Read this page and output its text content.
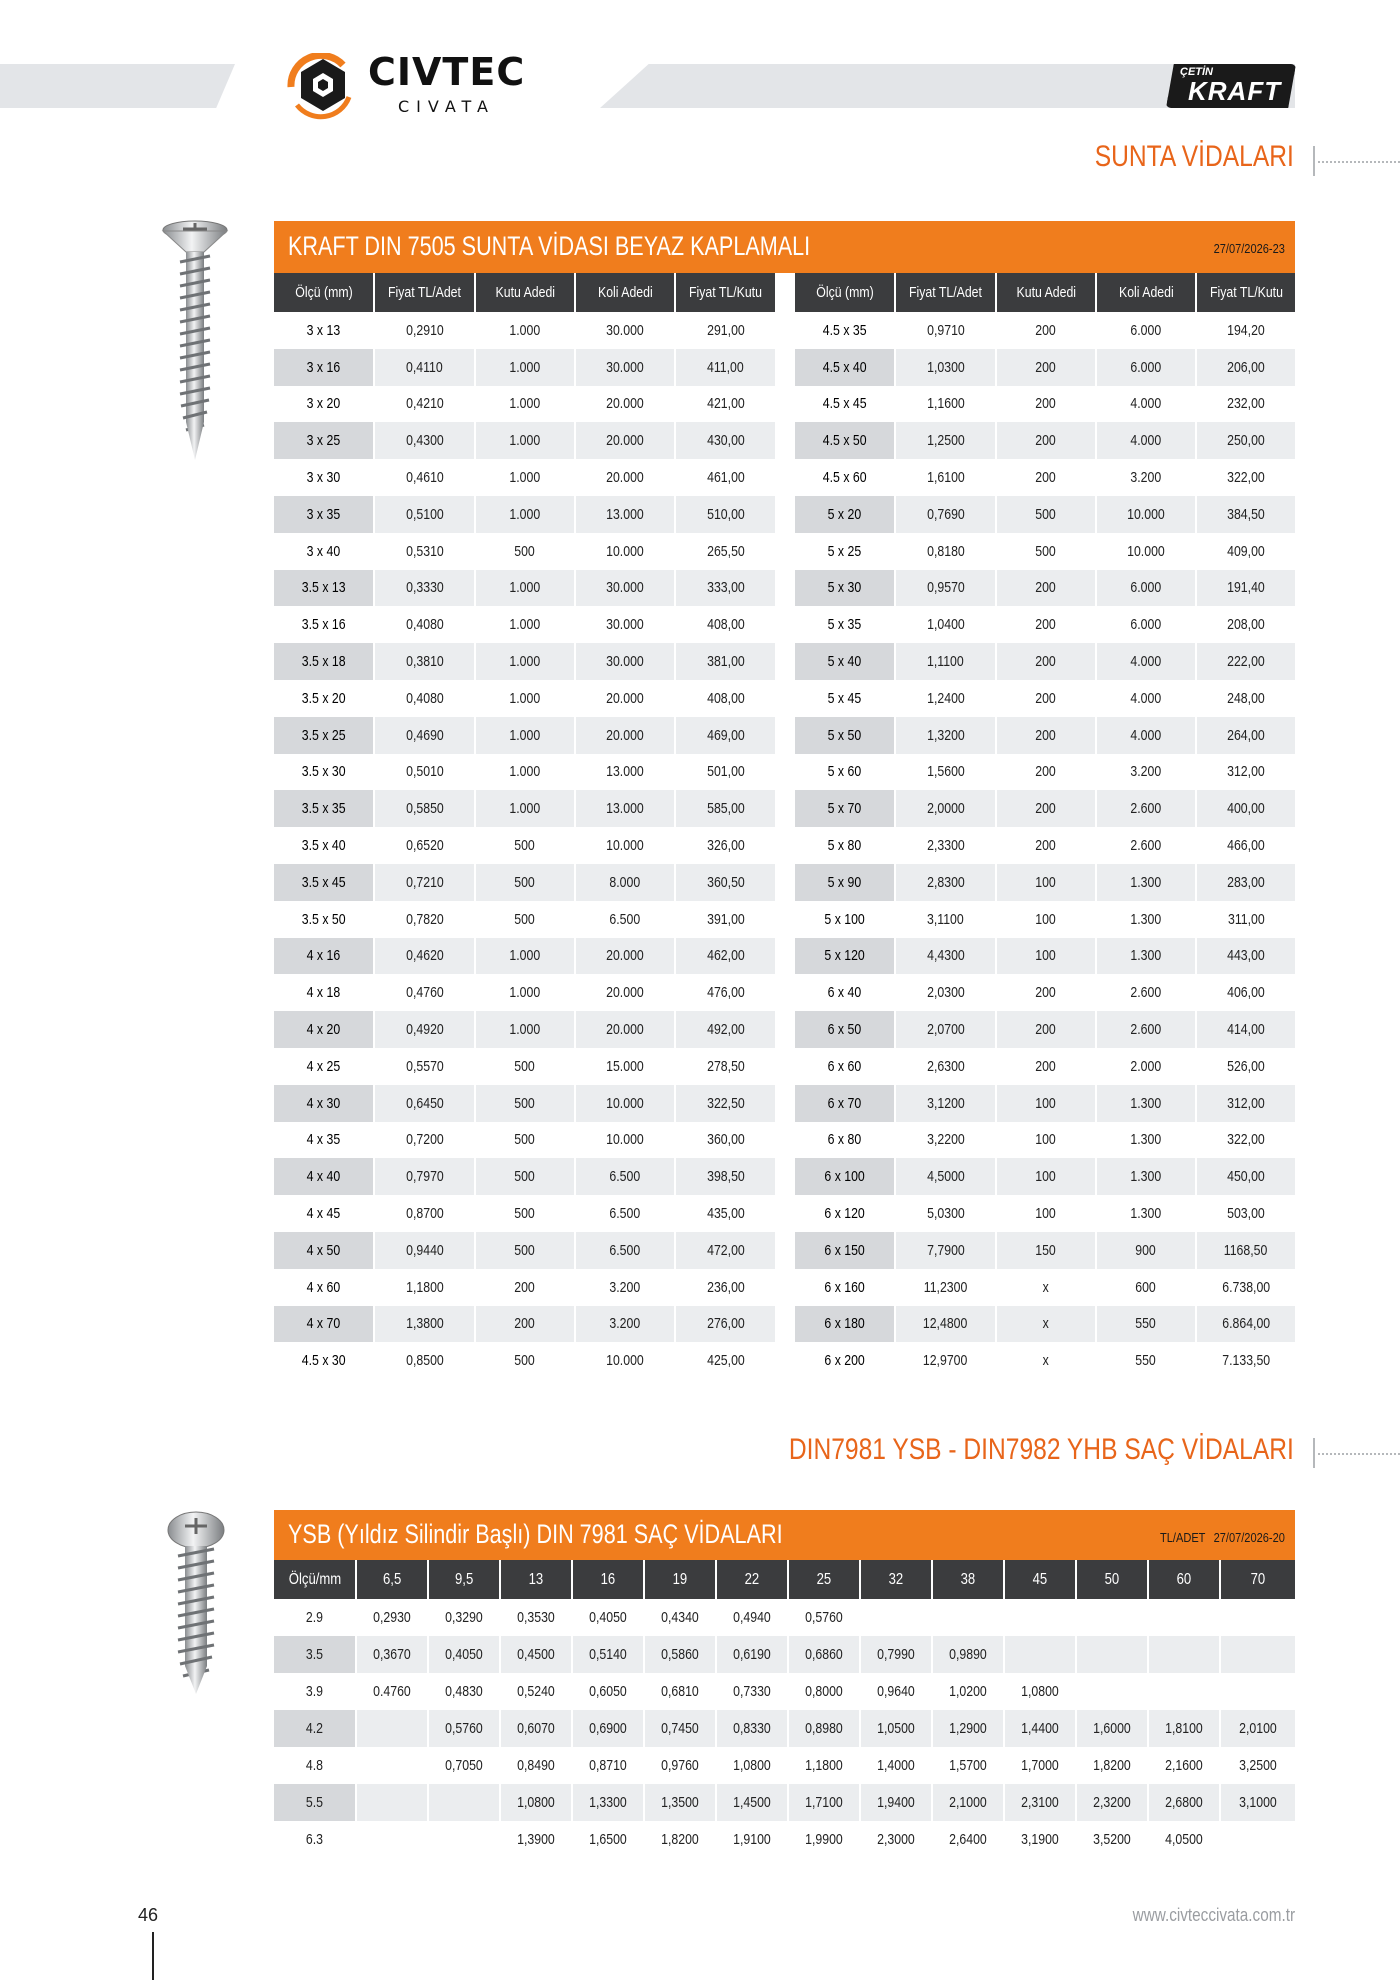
CIVTEC
CIVATA
ÇETİN
KRAFT
SUNTA VİDALARI
KRAFT DIN 7505 SUNTA VİDASI BEYAZ KAPLAMALI	27/07/2026-23
Ölçü (mm)	Fiyat TL/Adet	Kutu Adedi	Koli Adedi	Fiyat TL/Kutu
3 x 13	0,2910	1.000	30.000	291,00
3 x 16	0,4110	1.000	30.000	411,00
3 x 20	0,4210	1.000	20.000	421,00
3 x 25	0,4300	1.000	20.000	430,00
3 x 30	0,4610	1.000	20.000	461,00
3 x 35	0,5100	1.000	13.000	510,00
3 x 40	0,5310	500	10.000	265,50
3.5 x 13	0,3330	1.000	30.000	333,00
3.5 x 16	0,4080	1.000	30.000	408,00
3.5 x 18	0,3810	1.000	30.000	381,00
3.5 x 20	0,4080	1.000	20.000	408,00
3.5 x 25	0,4690	1.000	20.000	469,00
3.5 x 30	0,5010	1.000	13.000	501,00
3.5 x 35	0,5850	1.000	13.000	585,00
3.5 x 40	0,6520	500	10.000	326,00
3.5 x 45	0,7210	500	8.000	360,50
3.5 x 50	0,7820	500	6.500	391,00
4 x 16	0,4620	1.000	20.000	462,00
4 x 18	0,4760	1.000	20.000	476,00
4 x 20	0,4920	1.000	20.000	492,00
4 x 25	0,5570	500	15.000	278,50
4 x 30	0,6450	500	10.000	322,50
4 x 35	0,7200	500	10.000	360,00
4 x 40	0,7970	500	6.500	398,50
4 x 45	0,8700	500	6.500	435,00
4 x 50	0,9440	500	6.500	472,00
4 x 60	1,1800	200	3.200	236,00
4 x 70	1,3800	200	3.200	276,00
4.5 x 30	0,8500	500	10.000	425,00
Ölçü (mm)	Fiyat TL/Adet	Kutu Adedi	Koli Adedi	Fiyat TL/Kutu
4.5 x 35	0,9710	200	6.000	194,20
4.5 x 40	1,0300	200	6.000	206,00
4.5 x 45	1,1600	200	4.000	232,00
4.5 x 50	1,2500	200	4.000	250,00
4.5 x 60	1,6100	200	3.200	322,00
5 x 20	0,7690	500	10.000	384,50
5 x 25	0,8180	500	10.000	409,00
5 x 30	0,9570	200	6.000	191,40
5 x 35	1,0400	200	6.000	208,00
5 x 40	1,1100	200	4.000	222,00
5 x 45	1,2400	200	4.000	248,00
5 x 50	1,3200	200	4.000	264,00
5 x 60	1,5600	200	3.200	312,00
5 x 70	2,0000	200	2.600	400,00
5 x 80	2,3300	200	2.600	466,00
5 x 90	2,8300	100	1.300	283,00
5 x 100	3,1100	100	1.300	311,00
5 x 120	4,4300	100	1.300	443,00
6 x 40	2,0300	200	2.600	406,00
6 x 50	2,0700	200	2.600	414,00
6 x 60	2,6300	200	2.000	526,00
6 x 70	3,1200	100	1.300	312,00
6 x 80	3,2200	100	1.300	322,00
6 x 100	4,5000	100	1.300	450,00
6 x 120	5,0300	100	1.300	503,00
6 x 150	7,7900	150	900	1168,50
6 x 160	11,2300	x	600	6.738,00
6 x 180	12,4800	x	550	6.864,00
6 x 200	12,9700	x	550	7.133,50
DIN7981 YSB - DIN7982 YHB SAÇ VİDALARI
YSB (Yıldız Silindir Başlı) DIN 7981 SAÇ VİDALARI	TL/ADET 27/07/2026-20
Ölçü/mm	6,5	9,5	13	16	19	22	25	32	38	45	50	60	70
2.9	0,2930	0,3290	0,3530	0,4050	0,4340	0,4940	0,5760						
3.5	0,3670	0,4050	0,4500	0,5140	0,5860	0,6190	0,6860	0,7990	0,9890				
3.9	0.4760	0,4830	0,5240	0,6050	0,6810	0,7330	0,8000	0,9640	1,0200	1,0800			
4.2		0,5760	0,6070	0,6900	0,7450	0,8330	0,8980	1,0500	1,2900	1,4400	1,6000	1,8100	2,0100
4.8		0,7050	0,8490	0,8710	0,9760	1,0800	1,1800	1,4000	1,5700	1,7000	1,8200	2,1600	3,2500
5.5			1,0800	1,3300	1,3500	1,4500	1,7100	1,9400	2,1000	2,3100	2,3200	2,6800	3,1000
6.3			1,3900	1,6500	1,8200	1,9100	1,9900	2,3000	2,6400	3,1900	3,5200	4,0500	
46	www.civteccivata.com.tr
